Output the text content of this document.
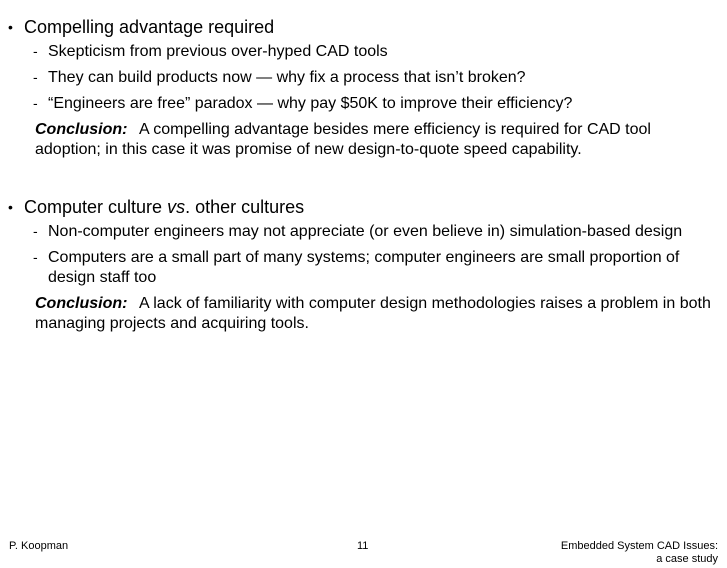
• Compelling advantage required
- Skepticism from previous over-hyped CAD tools
- They can build products now — why fix a process that isn’t broken?
- “Engineers are free” paradox — why pay $50K to improve their efficiency?
Conclusion: A compelling advantage besides mere efficiency is required for CAD tool adoption; in this case it was promise of new design-to-quote speed capability.
• Computer culture vs. other cultures
- Non-computer engineers may not appreciate (or even believe in) simulation-based design
- Computers are a small part of many systems; computer engineers are small proportion of design staff too
Conclusion: A lack of familiarity with computer design methodologies raises a problem in both managing projects and acquiring tools.
P. Koopman	11	Embedded System CAD Issues:
a case study
